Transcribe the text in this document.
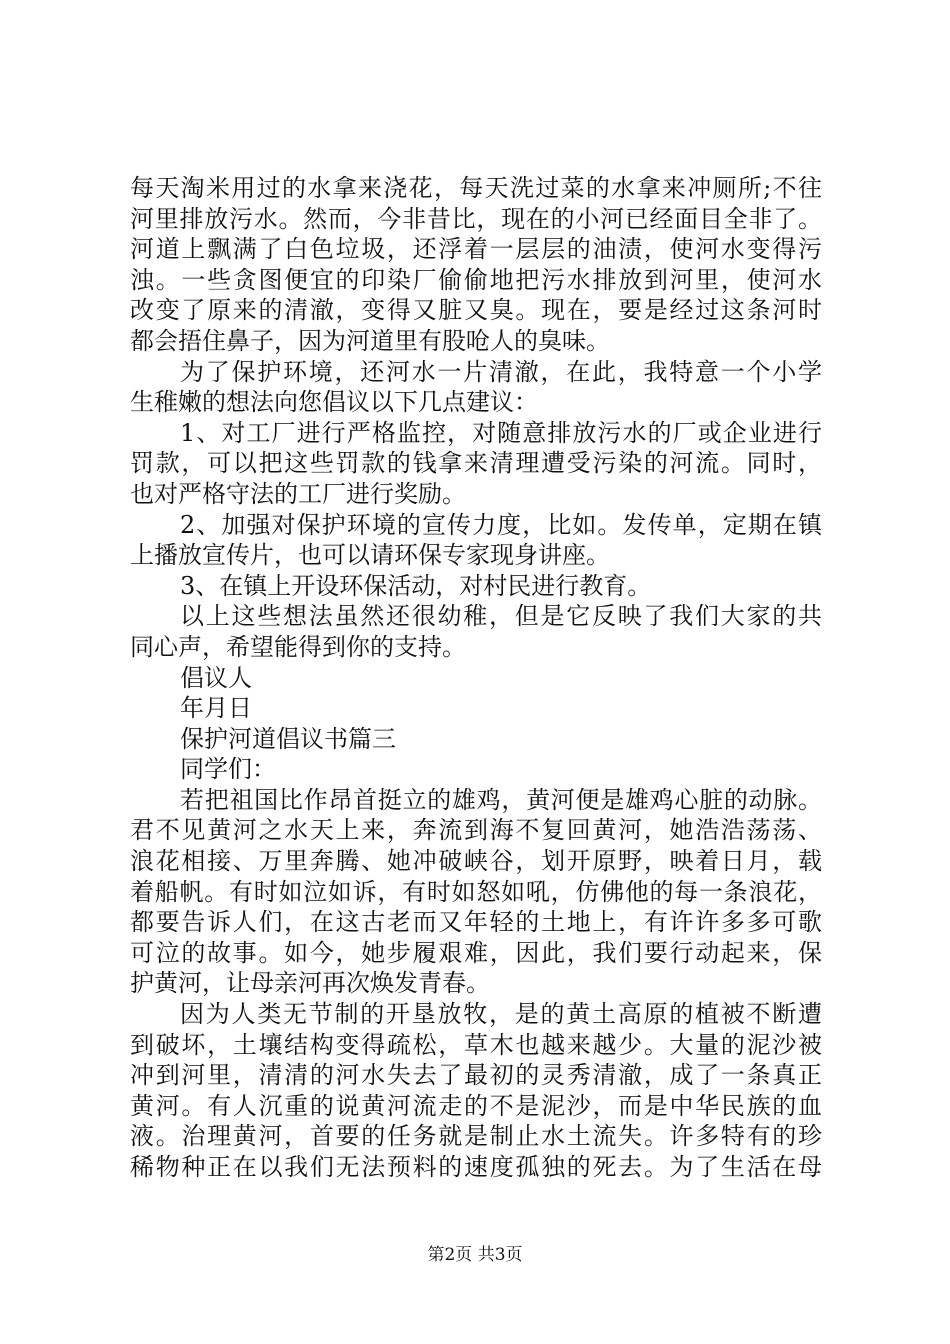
每天淘米用过的水拿来浇花，每天洗过菜的水拿来冲厕所;不往
河里排放污水。然而，今非昔比，现在的小河已经面目全非了。
河道上飘满了白色垃圾，还浮着一层层的油渍，使河水变得污
浊。一些贪图便宜的印染厂偷偷地把污水排放到河里，使河水
改变了原来的清澈，变得又脏又臭。现在，要是经过这条河时
都会捂住鼻子，因为河道里有股呛人的臭味。
为了保护环境，还河水一片清澈，在此，我特意一个小学
生稚嫩的想法向您倡议以下几点建议：
1、对工厂进行严格监控，对随意排放污水的厂或企业进行
罚款，可以把这些罚款的钱拿来清理遭受污染的河流。同时，
也对严格守法的工厂进行奖励。
2、加强对保护环境的宣传力度，比如。发传单，定期在镇
上播放宣传片，也可以请环保专家现身讲座。
3、在镇上开设环保活动，对村民进行教育。
以上这些想法虽然还很幼稚，但是它反映了我们大家的共
同心声，希望能得到你的支持。
倡议人
年月日
保护河道倡议书篇三
同学们：
若把祖国比作昂首挺立的雄鸡，黄河便是雄鸡心脏的动脉。
君不见黄河之水天上来，奔流到海不复回黄河，她浩浩荡荡、
浪花相接、万里奔腾、她冲破峡谷，划开原野，映着日月，载
着船帆。有时如泣如诉，有时如怒如吼，仿佛他的每一条浪花，
都要告诉人们，在这古老而又年轻的土地上，有许许多多可歌
可泣的故事。如今，她步履艰难，因此，我们要行动起来，保
护黄河，让母亲河再次焕发青春。
因为人类无节制的开垦放牧，是的黄土高原的植被不断遭
到破坏，土壤结构变得疏松，草木也越来越少。大量的泥沙被
冲到河里，清清的河水失去了最初的灵秀清澈，成了一条真正
黄河。有人沉重的说黄河流走的不是泥沙，而是中华民族的血
液。治理黄河，首要的任务就是制止水土流失。许多特有的珍
稀物种正在以我们无法预料的速度孤独的死去。为了生活在母
第2页 共3页
